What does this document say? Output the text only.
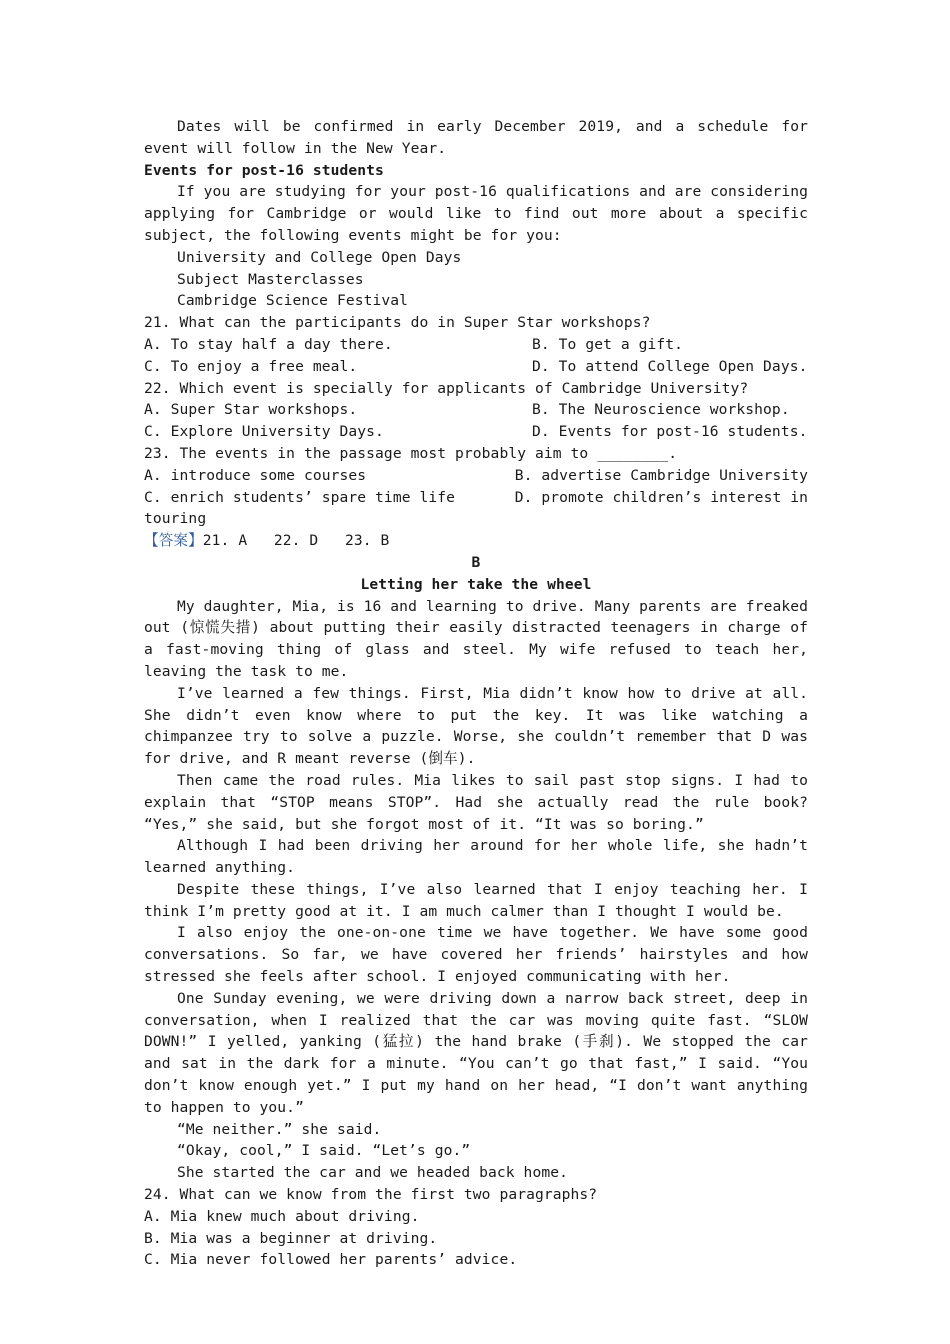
Dates will be confirmed in early December 2019, and a schedule for event will follow in the New Year.

Events for post-16 students

If you are studying for your post-16 qualifications and are considering applying for Cambridge or would like to find out more about a specific subject, the following events might be for you:

University and College Open Days

Subject Masterclasses

Cambridge Science Festival

21. What can the participants do in Super Star workshops?

A. To stay half a day there.	B. To get a gift.
C. To enjoy a free meal.	D. To attend College Open Days.

22. Which event is specially for applicants of Cambridge University?

A. Super Star workshops.	B. The Neuroscience workshop.
C. Explore University Days.	D. Events for post-16 students.

23. The events in the passage most probably aim to ________.

A. introduce some courses	B. advertise Cambridge University
C. enrich students’ spare time life	D. promote children’s interest in

touring

【答案】21. A   22. D   23. B

B

Letting her take the wheel

My daughter, Mia, is 16 and learning to drive. Many parents are freaked out (惊慌失措) about putting their easily distracted teenagers in charge of a fast-moving thing of glass and steel. My wife refused to teach her, leaving the task to me.

I’ve learned a few things. First, Mia didn’t know how to drive at all. She didn’t even know where to put the key. It was like watching a chimpanzee try to solve a puzzle. Worse, she couldn’t remember that D was for drive, and R meant reverse (倒车).

Then came the road rules. Mia likes to sail past stop signs. I had to explain that “STOP means STOP”. Had she actually read the rule book? “Yes,” she said, but she forgot most of it. “It was so boring.”

Although I had been driving her around for her whole life, she hadn’t learned anything.

Despite these things, I’ve also learned that I enjoy teaching her. I think I’m pretty good at it. I am much calmer than I thought I would be.

I also enjoy the one-on-one time we have together. We have some good conversations. So far, we have covered her friends’ hairstyles and how stressed she feels after school. I enjoyed communicating with her.

One Sunday evening, we were driving down a narrow back street, deep in conversation, when I realized that the car was moving quite fast. “SLOW DOWN!” I yelled, yanking (猛拉) the hand brake (手刹). We stopped the car and sat in the dark for a minute. “You can’t go that fast,” I said. “You don’t know enough yet.” I put my hand on her head, “I don’t want anything to happen to you.”

“Me neither.” she said.

“Okay, cool,” I said. “Let’s go.”

She started the car and we headed back home.

24. What can we know from the first two paragraphs?

A. Mia knew much about driving.

B. Mia was a beginner at driving.

C. Mia never followed her parents’ advice.
